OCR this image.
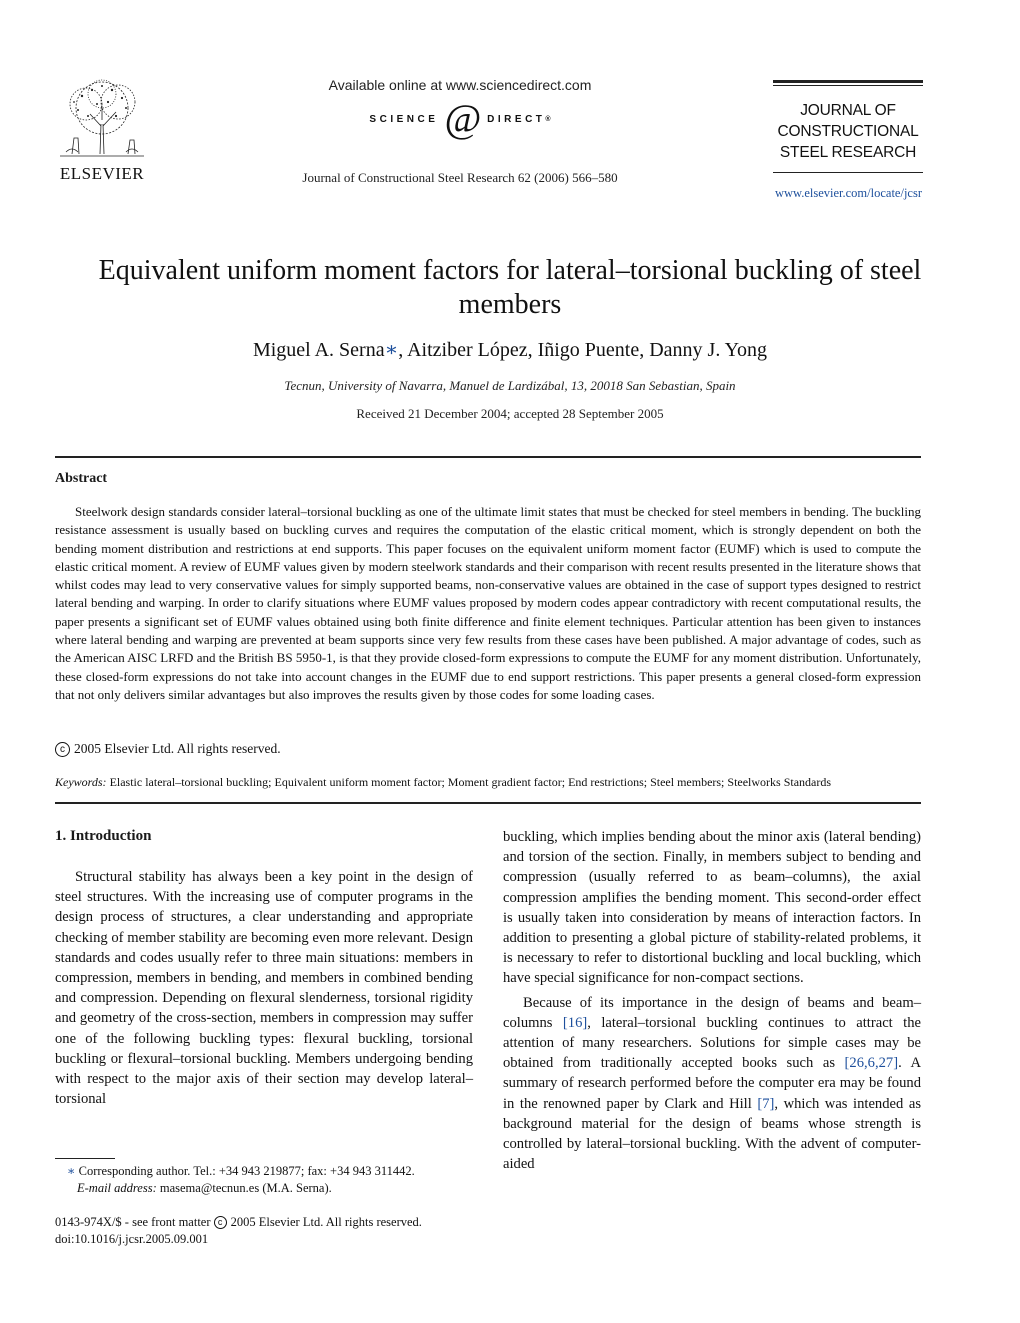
ELSEVIER
Available online at www.sciencedirect.com
SCIENCE @ DIRECT ®
Journal of Constructional Steel Research 62 (2006) 566–580
JOURNAL OF
CONSTRUCTIONAL
STEEL RESEARCH
www.elsevier.com/locate/jcsr
Equivalent uniform moment factors for lateral–torsional buckling of steel members
Miguel A. Serna∗, Aitziber López, Iñigo Puente, Danny J. Yong
Tecnun, University of Navarra, Manuel de Lardizábal, 13, 20018 San Sebastian, Spain
Received 21 December 2004; accepted 28 September 2005
Abstract
Steelwork design standards consider lateral–torsional buckling as one of the ultimate limit states that must be checked for steel members in bending. The buckling resistance assessment is usually based on buckling curves and requires the computation of the elastic critical moment, which is strongly dependent on both the bending moment distribution and restrictions at end supports. This paper focuses on the equivalent uniform moment factor (EUMF) which is used to compute the elastic critical moment. A review of EUMF values given by modern steelwork standards and their comparison with recent results presented in the literature shows that whilst codes may lead to very conservative values for simply supported beams, non-conservative values are obtained in the case of support types designed to restrict lateral bending and warping. In order to clarify situations where EUMF values proposed by modern codes appear contradictory with recent computational results, the paper presents a significant set of EUMF values obtained using both finite difference and finite element techniques. Particular attention has been given to instances where lateral bending and warping are prevented at beam supports since very few results from these cases have been published. A major advantage of codes, such as the American AISC LRFD and the British BS 5950-1, is that they provide closed-form expressions to compute the EUMF for any moment distribution. Unfortunately, these closed-form expressions do not take into account changes in the EUMF due to end support restrictions. This paper presents a general closed-form expression that not only delivers similar advantages but also improves the results given by those codes for some loading cases.
c 2005 Elsevier Ltd. All rights reserved.
Keywords: Elastic lateral–torsional buckling; Equivalent uniform moment factor; Moment gradient factor; End restrictions; Steel members; Steelworks Standards
1. Introduction

Structural stability has always been a key point in the design of steel structures. With the increasing use of computer programs in the design process of structures, a clear understanding and appropriate checking of member stability are becoming even more relevant. Design standards and codes usually refer to three main situations: members in compression, members in bending, and members in combined bending and compression. Depending on flexural slenderness, torsional rigidity and geometry of the cross-section, members in compression may suffer one of the following buckling types: flexural buckling, torsional buckling or flexural–torsional buckling. Members undergoing bending with respect to the major axis of their section may develop lateral–torsional

buckling, which implies bending about the minor axis (lateral bending) and torsion of the section. Finally, in members subject to bending and compression (usually referred to as beam–columns), the axial compression amplifies the bending moment. This second-order effect is usually taken into consideration by means of interaction factors. In addition to presenting a global picture of stability-related problems, it is necessary to refer to distortional buckling and local buckling, which have special significance for non-compact sections.

Because of its importance in the design of beams and beam–columns [16], lateral–torsional buckling continues to attract the attention of many researchers. Solutions for simple cases may be obtained from traditionally accepted books such as [26,6,27]. A summary of research performed before the computer era may be found in the renowned paper by Clark and Hill [7], which was intended as background material for the design of beams whose strength is controlled by lateral–torsional buckling. With the advent of computer-aided

∗ Corresponding author. Tel.: +34 943 219877; fax: +34 943 311442.
E-mail address: masema@tecnun.es (M.A. Serna).
0143-974X/$ - see front matter c 2005 Elsevier Ltd. All rights reserved.
doi:10.1016/j.jcsr.2005.09.001
